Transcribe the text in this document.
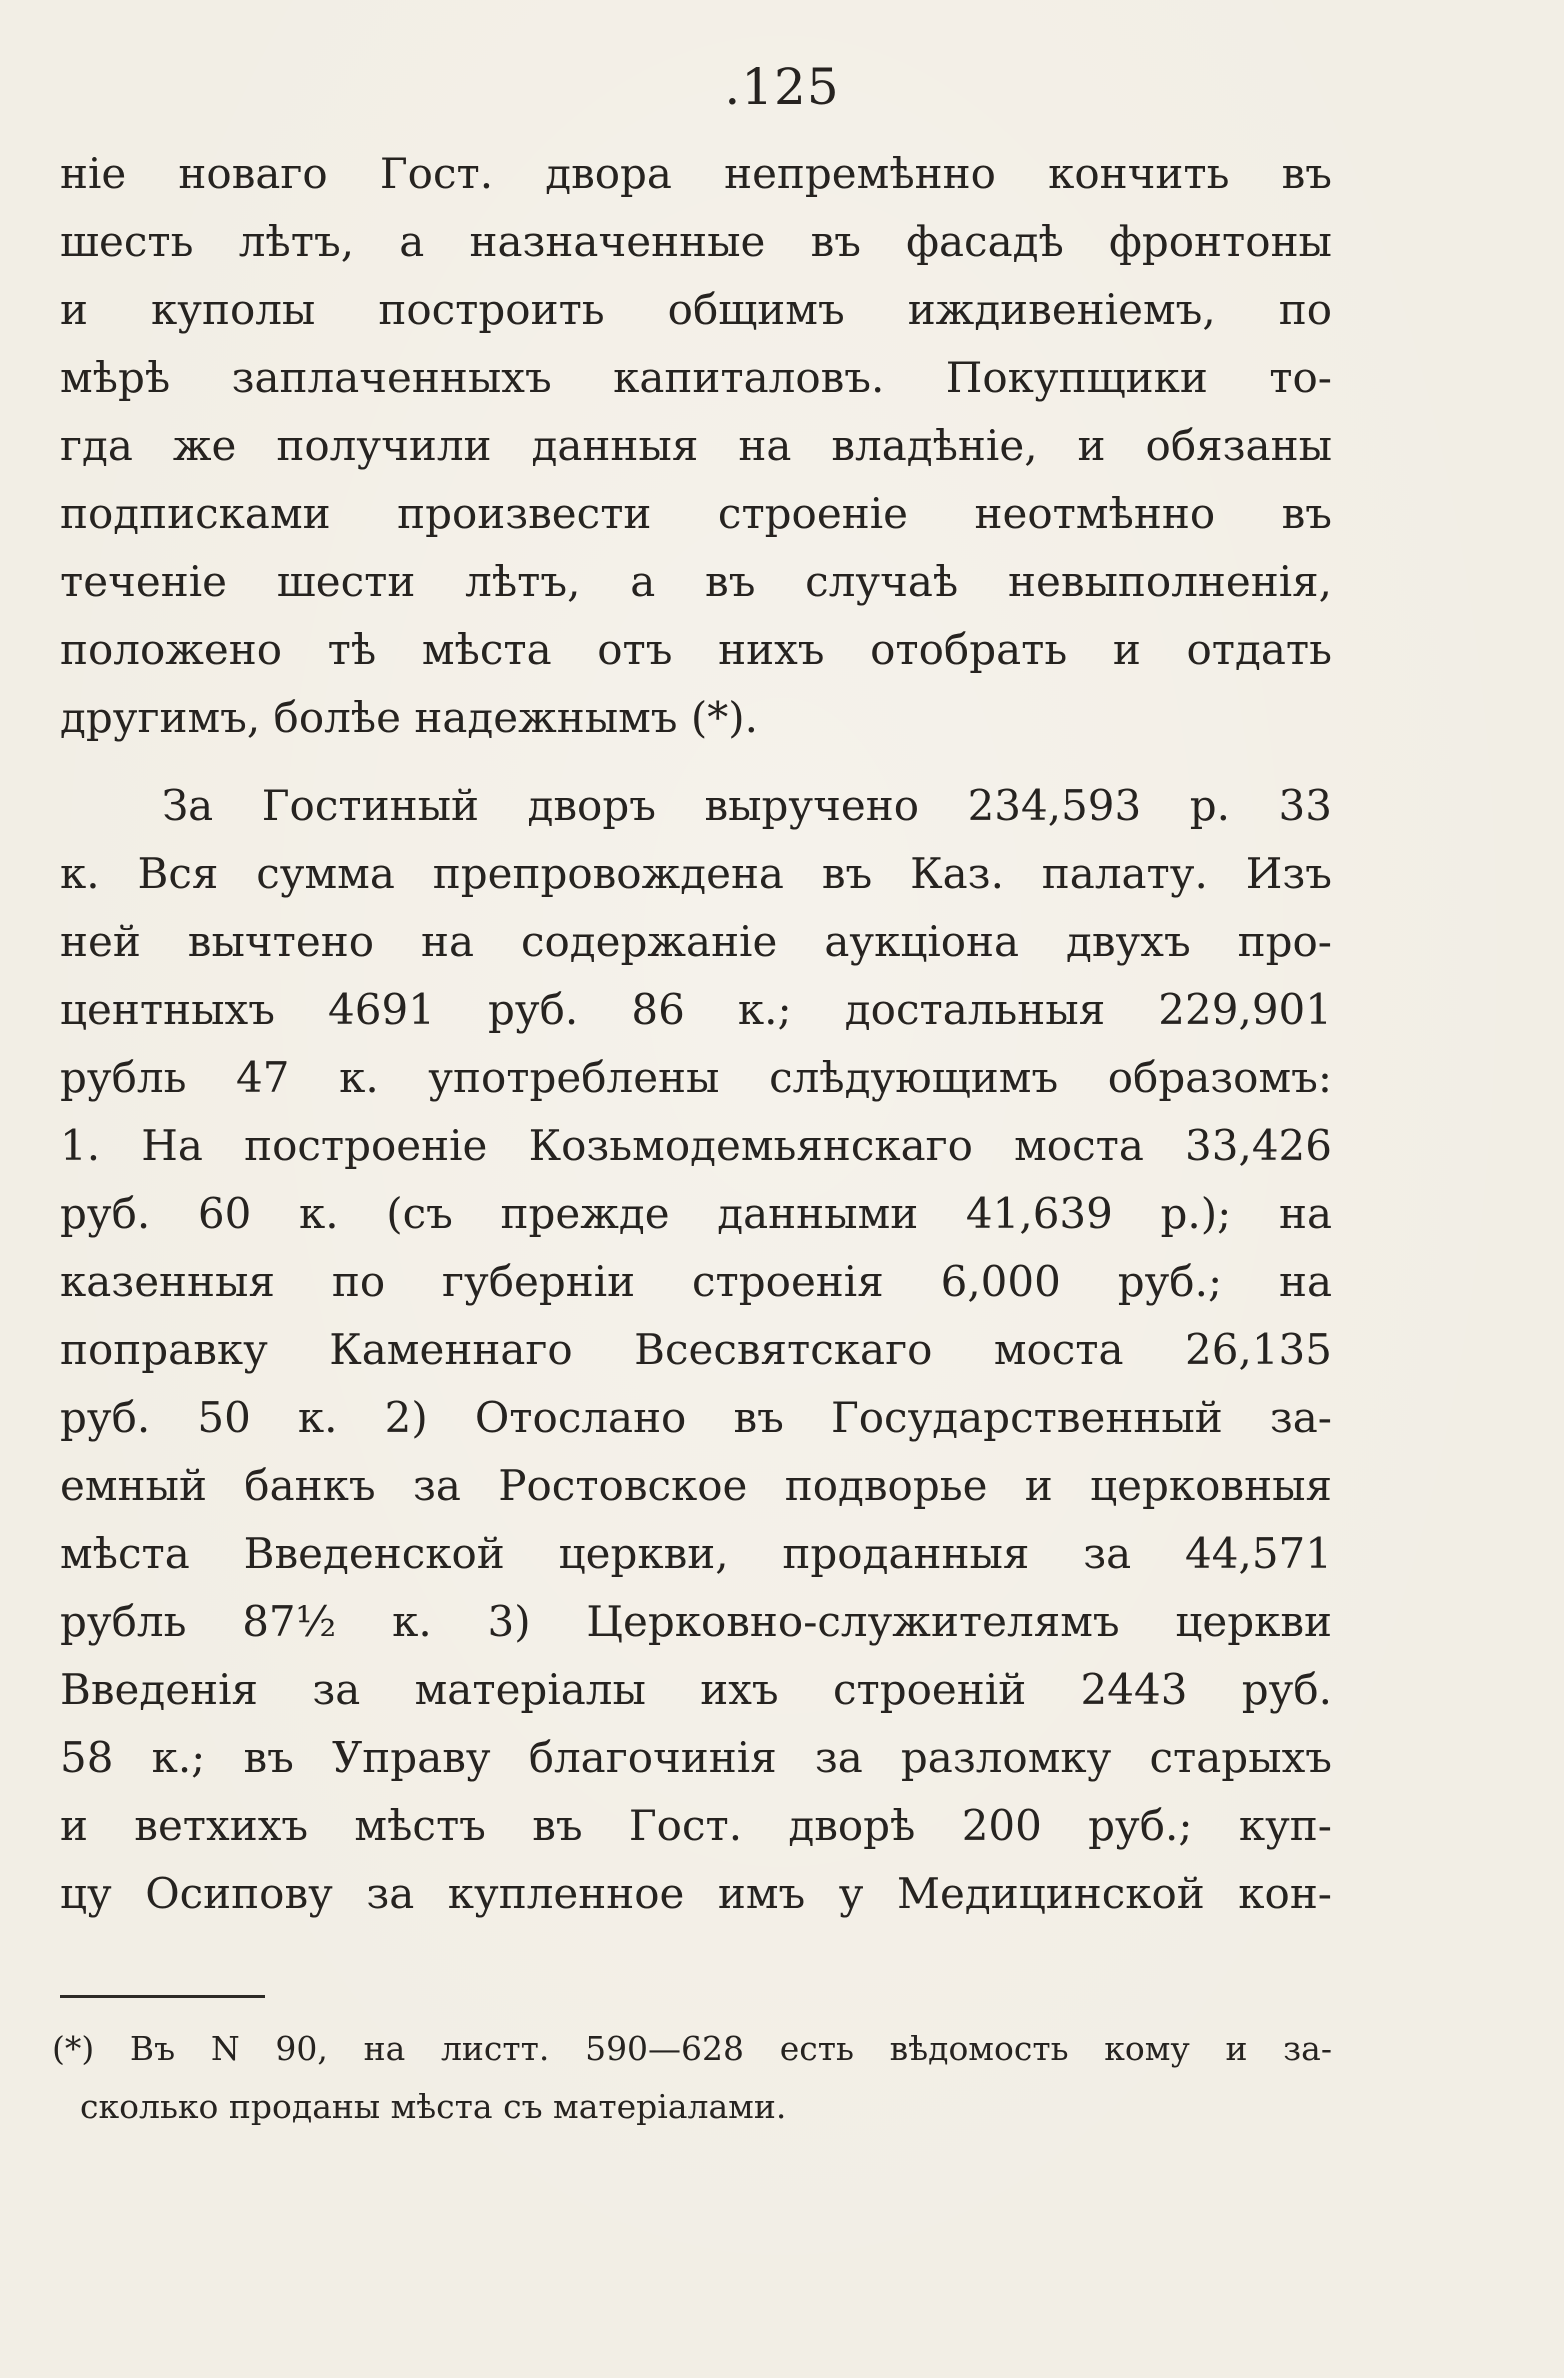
.125
ніе новаго Гост. двора непремѣнно кончить въ
шесть лѣтъ, а назначенные въ фасадѣ фронтоны
и куполы построить общимъ иждивеніемъ, по
мѣрѣ заплаченныхъ капиталовъ. Покупщики то-
гда же получили данныя на владѣніе, и обязаны
подписками произвести строеніе неотмѣнно въ
теченіе шести лѣтъ, а въ случаѣ невыполненія,
положено тѣ мѣста отъ нихъ отобрать и отдать
другимъ, болѣе надежнымъ (*).
За Гостиный дворъ выручено 234,593 р. 33
к. Вся сумма препровождена въ Каз. палату. Изъ
ней вычтено на содержаніе аукціона двухъ про-
центныхъ 4691 руб. 86 к.; достальныя 229,901
рубль 47 к. употреблены слѣдующимъ образомъ:
1. На построеніе Козьмодемьянскаго моста 33,426
руб. 60 к. (съ прежде данными 41,639 р.); на
казенныя по губерніи строенія 6,000 руб.; на
поправку Каменнаго Всесвятскаго моста 26,135
руб. 50 к. 2) Отослано въ Государственный за-
емный банкъ за Ростовское подворье и церковныя
мѣста Введенской церкви, проданныя за 44,571
рубль 87½ к. 3) Церковно-служителямъ церкви
Введенія за матеріалы ихъ строеній 2443 руб.
58 к.; въ Управу благочинія за разломку старыхъ
и ветхихъ мѣстъ въ Гост. дворѣ 200 руб.; куп-
цу Осипову за купленное имъ у Медицинской кон-
(*) Въ N 90, на листт. 590—628 есть вѣдомость кому и за-
сколько проданы мѣста съ матеріалами.
